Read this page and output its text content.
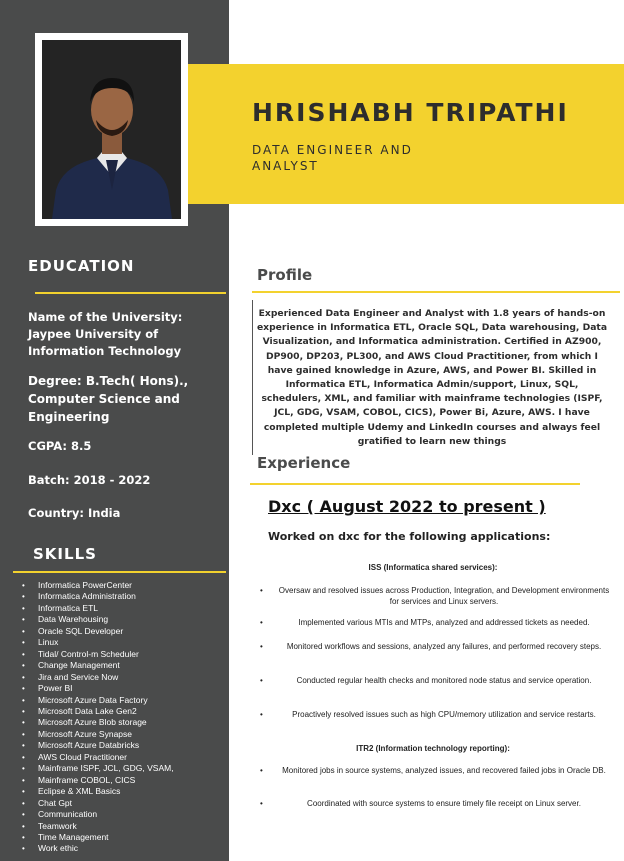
HRISHABH TRIPATHI
DATA ENGINEER AND ANALYST
EDUCATION
Name of the University: Jaypee University of Information Technology
Degree: B.Tech( Hons)., Computer Science and Engineering
CGPA: 8.5
Batch: 2018 - 2022
Country: India
SKILLS
• Informatica PowerCenter
• Informatica Administration
• Informatica ETL
• Data Warehousing
• Oracle SQL Developer
• Linux
• Tidal/ Control-m Scheduler
• Change Management
• Jira and Service Now
• Power BI
• Microsoft Azure Data Factory
• Microsoft Data Lake Gen2
• Microsoft Azure Blob storage
• Microsoft Azure Synapse
• Microsoft Azure Databricks
• AWS Cloud Practitioner
• Mainframe ISPF, JCL, GDG, VSAM,
• Mainframe COBOL, CICS
• Eclipse & XML Basics
• Chat Gpt
• Communication
• Teamwork
• Time Management
• Work ethic
Profile
Experienced Data Engineer and Analyst with 1.8 years of hands-on experience in Informatica ETL, Oracle SQL, Data warehousing, Data Visualization, and Informatica administration. Certified in AZ900, DP900, DP203, PL300, and AWS Cloud Practitioner, from which I have gained knowledge in Azure, AWS, and Power BI. Skilled in Informatica ETL, Informatica Admin/support, Linux, SQL, schedulers, XML, and familiar with mainframe technologies (ISPF, JCL, GDG, VSAM, COBOL, CICS), Power Bi, Azure, AWS. I have completed multiple Udemy and LinkedIn courses and always feel gratified to learn new things
Experience
Dxc ( August 2022 to present )
Worked on dxc for the following applications:
ISS (Informatica shared services):
•	Oversaw and resolved issues across Production, Integration, and Development environments for services and Linux servers.
•	Implemented various MTIs and MTPs, analyzed and addressed tickets as needed.
•	Monitored workflows and sessions, analyzed any failures, and performed recovery steps.
•	Conducted regular health checks and monitored node status and service operation.
•	Proactively resolved issues such as high CPU/memory utilization and service restarts.
ITR2 (Information technology reporting):
•	Monitored jobs in source systems, analyzed issues, and recovered failed jobs in Oracle DB.
•	Coordinated with source systems to ensure timely file receipt on Linux server.
